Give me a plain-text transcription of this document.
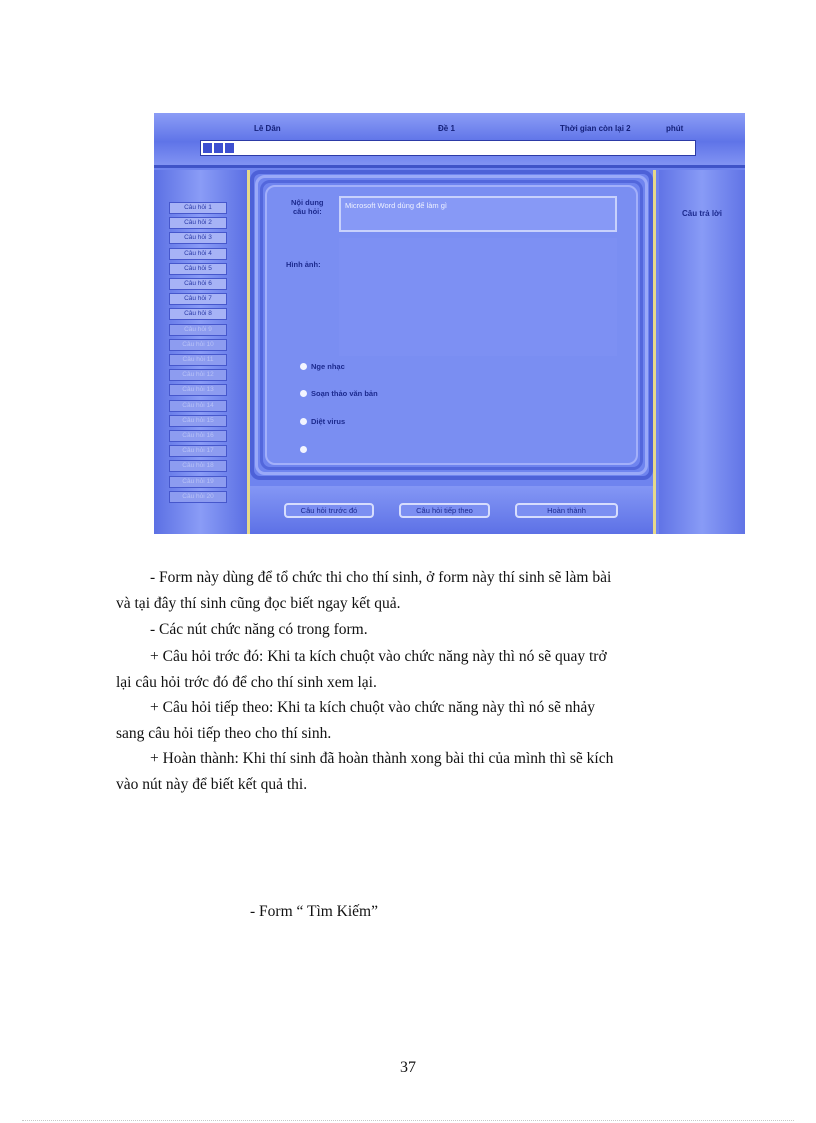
Lê Dân	Đề 1	Thời gian còn lại 2	phút
Câu hỏi 1
Câu hỏi 2
Câu hỏi 3
Câu hỏi 4
Câu hỏi 5
Câu hỏi 6
Câu hỏi 7
Câu hỏi 8
Câu hỏi 9
Câu hỏi 10
Câu hỏi 11
Câu hỏi 12
Câu hỏi 13
Câu hỏi 14
Câu hỏi 15
Câu hỏi 16
Câu hỏi 17
Câu hỏi 18
Câu hỏi 19
Câu hỏi 20
Nội dung
câu hỏi:
Microsoft Word dùng để làm gì
Hình ảnh:
Nge nhạc
Soạn thảo văn bản
Diệt virus
Câu hỏi trước đó	Câu hỏi tiếp theo	Hoàn thành
Câu trả lời

- Form này dùng để tổ chức thi cho thí sinh, ở form này thí sinh sẽ làm bài
và tại đây thí sinh cũng đọc biết ngay kết quả.

- Các nút chức năng có trong form.

+ Câu hỏi trớc đó: Khi ta kích chuột vào chức năng này thì nó sẽ quay trở
lại câu hỏi trớc đó để cho thí sinh xem lại.

+ Câu hỏi tiếp theo: Khi ta kích chuột vào chức năng này thì nó sẽ nhảy
sang câu hỏi tiếp theo cho thí sinh.

+ Hoàn thành: Khi thí sinh đã hoàn thành xong bài thi của mình thì sẽ kích
vào nút này để biết kết quả thi.

- Form “ Tìm Kiếm”

37
